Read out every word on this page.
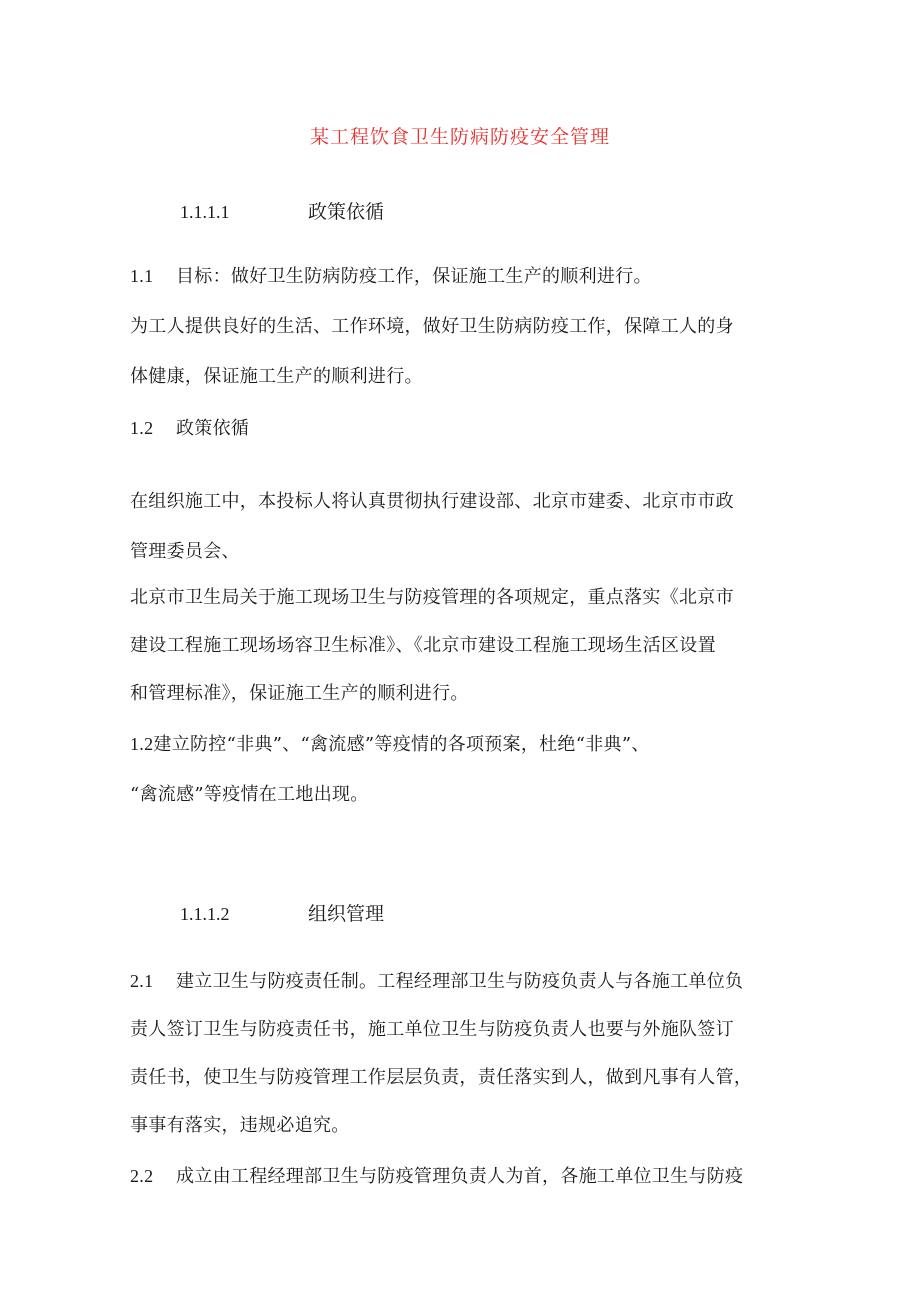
某工程饮食卫生防病防疫安全管理
1.1.1.1	政策依循
1.1 目标：做好卫生防病防疫工作，保证施工生产的顺利进行。
为工人提供良好的生活、工作环境，做好卫生防病防疫工作，保障工人的身
体健康，保证施工生产的顺利进行。
1.2 政策依循
在组织施工中，本投标人将认真贯彻执行建设部、北京市建委、北京市市政
管理委员会、
北京市卫生局关于施工现场卫生与防疫管理的各项规定，重点落实《北京市
建设工程施工现场场容卫生标准》、《北京市建设工程施工现场生活区设置
和管理标准》，保证施工生产的顺利进行。
1.2建立防控“非典”、“禽流感”等疫情的各项预案，杜绝“非典”、
“禽流感”等疫情在工地出现。
1.1.1.2	组织管理
2.1 建立卫生与防疫责任制。工程经理部卫生与防疫负责人与各施工单位负
责人签订卫生与防疫责任书，施工单位卫生与防疫负责人也要与外施队签订
责任书，使卫生与防疫管理工作层层负责，责任落实到人，做到凡事有人管，
事事有落实，违规必追究。
2.2 成立由工程经理部卫生与防疫管理负责人为首，各施工单位卫生与防疫
